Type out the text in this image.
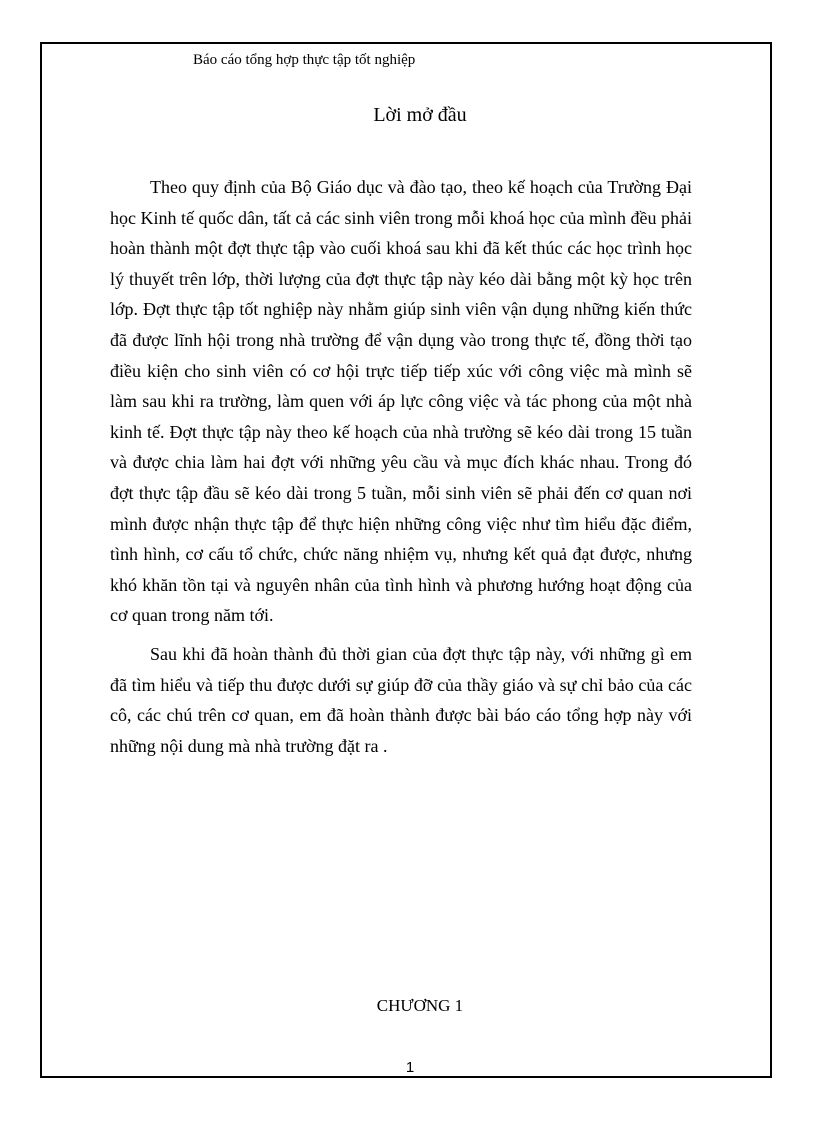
Báo cáo tổng hợp thực tập tốt nghiệp
Lời mở đầu

Theo quy định của Bộ Giáo dục và đào tạo, theo kế hoạch của Trường Đại học Kinh tế quốc dân, tất cả các sinh viên trong mỗi khoá học của mình đều phải hoàn thành một đợt thực tập vào cuối khoá sau khi đã kết thúc các học trình học lý thuyết trên lớp, thời lượng của đợt thực tập này kéo dài bằng một kỳ học trên lớp. Đợt thực tập tốt nghiệp này nhằm giúp sinh viên vận dụng những kiến thức đã được lĩnh hội trong nhà trường để vận dụng vào trong thực tế, đồng thời tạo điều kiện cho sinh viên có cơ hội trực tiếp tiếp xúc với công việc mà mình sẽ làm sau khi ra trường, làm quen với áp lực công việc và tác phong của một nhà kinh tế. Đợt thực tập này theo kế hoạch của nhà trường sẽ kéo dài trong 15 tuần và được chia làm hai đợt với những yêu cầu và mục đích khác nhau. Trong đó đợt thực tập đầu sẽ kéo dài trong 5 tuần, mỗi sinh viên sẽ phải đến cơ quan nơi mình được nhận thực tập để thực hiện những công việc như tìm hiểu đặc điểm, tình hình, cơ cấu tổ chức, chức năng nhiệm vụ, nhưng kết quả đạt được, nhưng khó khăn tồn tại và nguyên nhân của tình hình và phương hướng hoạt động của cơ quan trong năm tới.

Sau khi đã hoàn thành đủ thời gian của đợt thực tập này, với những gì em đã tìm hiểu và tiếp thu được dưới sự giúp đỡ của thầy giáo và sự chỉ bảo của các cô, các chú trên cơ quan, em đã hoàn thành được bài báo cáo tổng hợp này với những nội dung mà nhà trường đặt ra .

CHƯƠNG 1
1
